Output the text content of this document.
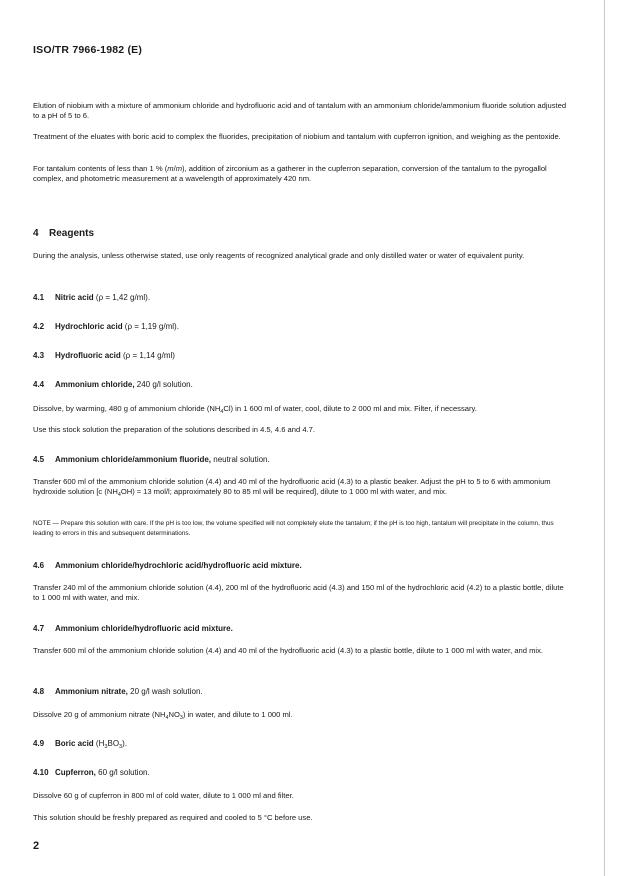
ISO/TR 7966-1982 (E)

Elution of niobium with a mixture of ammonium chloride and hydrofluoric acid and of tantalum with an ammonium chloride/ammonium fluoride solution adjusted to a pH of 5 to 6.

Treatment of the eluates with boric acid to complex the fluorides, precipitation of niobium and tantalum with cupferron ignition, and weighing as the pentoxide.

For tantalum contents of less than 1 % (m/m), addition of zirconium as a gatherer in the cupferron separation, conversion of the tantalum to the pyrogallol complex, and photometric measurement at a wavelength of approximately 420 nm.

4 Reagents

During the analysis, unless otherwise stated, use only reagents of recognized analytical grade and only distilled water or water of equivalent purity.

4.1 Nitric acid (ρ = 1,42 g/ml).
4.2 Hydrochloric acid (ρ = 1,19 g/ml).
4.3 Hydrofluoric acid (ρ = 1,14 g/ml)
4.4 Ammonium chloride, 240 g/l solution.

Dissolve, by warming, 480 g of ammonium chloride $(NH_4Cl)$ in 1 600 ml of water, cool, dilute to 2 000 ml and mix. Filter, if necessary.

Use this stock solution the preparation of the solutions described in 4.5, 4.6 and 4.7.

4.5 Ammonium chloride/ammonium fluoride, neutral solution.

Transfer 600 ml of the ammonium chloride solution (4.4) and 40 ml of the hydrofluoric acid (4.3) to a plastic beaker. Adjust the pH to 5 to 6 with ammonium hydroxide solution [c $(NH_4OH) \approx 13$ mol/l; approximately 80 to 85 ml will be required], dilute to 1 000 ml with water, and mix.

NOTE — Prepare this solution with care. If the pH is too low, the volume specified will not completely elute the tantalum; if the pH is too high, tantalum will precipitate in the column, thus leading to errors in this and subsequent determinations.

4.6 Ammonium chloride/hydrochloric acid/hydrofluoric acid mixture.

Transfer 240 ml of the ammonium chloride solution (4.4), 200 ml of the hydrofluoric acid (4.3) and 150 ml of the hydrochloric acid (4.2) to a plastic bottle, dilute to 1 000 ml with water, and mix.

4.7 Ammonium chloride/hydrofluoric acid mixture.

Transfer 600 ml of the ammonium chloride solution (4.4) and 40 ml of the hydrofluoric acid (4.3) to a plastic bottle, dilute to 1 000 ml with water, and mix.

4.8 Ammonium nitrate, 20 g/l wash solution.

Dissolve 20 g of ammonium nitrate $(NH_4NO_3)$ in water, and dilute to 1 000 ml.

4.9 Boric acid $(H_3BO_3)$.
4.10 Cupferron, 60 g/l solution.

Dissolve 60 g of cupferron in 800 ml of cold water, dilute to 1 000 ml and filter.

This solution should be freshly prepared as required and cooled to 5 °C before use.

2
